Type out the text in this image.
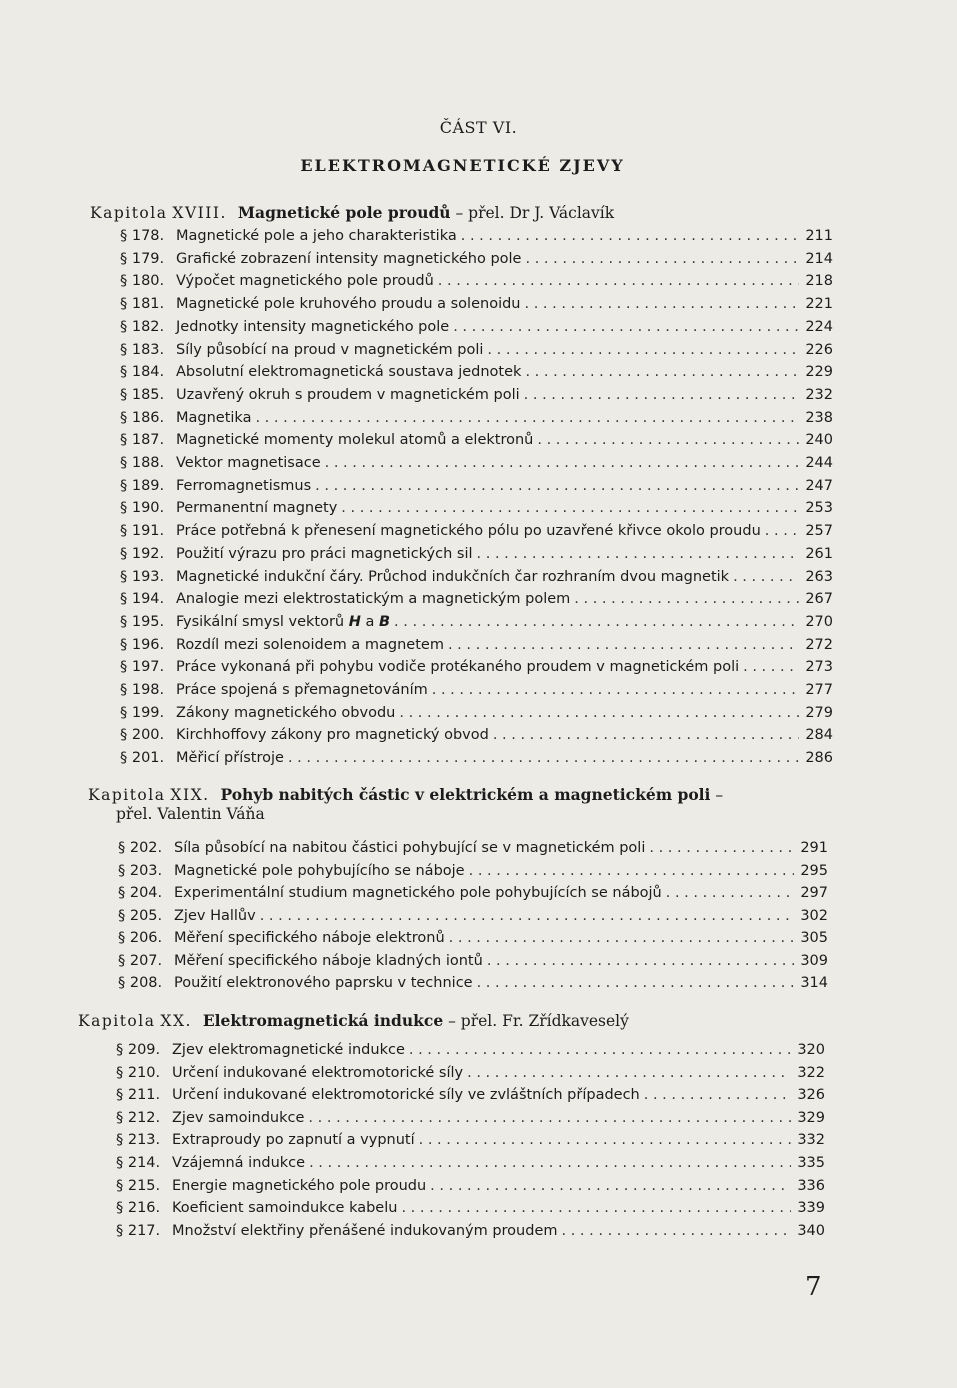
ČÁST VI.
ELEKTROMAGNETICKÉ ZJEVY
Kapitola XVIII. Magnetické pole proudů – přel. Dr J. Václavík
§ 178. Magnetické pole a jeho charakteristika . . .	211
§ 179. Grafické zobrazení intensity magnetického pole . . .	214
§ 180. Výpočet magnetického pole proudů . . .	218
§ 181. Magnetické pole kruhového proudu a solenoidu . . .	221
§ 182. Jednotky intensity magnetického pole . . .	224
§ 183. Síly působící na proud v magnetickém poli . . .	226
§ 184. Absolutní elektromagnetická soustava jednotek . . .	229
§ 185. Uzavřený okruh s proudem v magnetickém poli . . .	232
§ 186. Magnetika . . .	238
§ 187. Magnetické momenty molekul atomů a elektronů . . .	240
§ 188. Vektor magnetisace . . .	244
§ 189. Ferromagnetismus . . .	247
§ 190. Permanentní magnety . . .	253
§ 191. Práce potřebná k přenesení magnetického pólu po uzavřené křivce okolo proudu . . .	257
§ 192. Použití výrazu pro práci magnetických sil . . .	261
§ 193. Magnetické indukční čáry. Průchod indukčních čar rozhraním dvou magnetik . . .	263
§ 194. Analogie mezi elektrostatickým a magnetickým polem . . .	267
§ 195. Fysikální smysl vektorů H a B . . .	270
§ 196. Rozdíl mezi solenoidem a magnetem . . .	272
§ 197. Práce vykonaná při pohybu vodiče protékaného proudem v magnetickém poli . . .	273
§ 198. Práce spojená s přemagnetováním . . .	277
§ 199. Zákony magnetického obvodu . . .	279
§ 200. Kirchhoffovy zákony pro magnetický obvod . . .	284
§ 201. Měřicí přístroje . . .	286
Kapitola XIX. Pohyb nabitých částic v elektrickém a magnetickém poli –
přel. Valentin Váňa
§ 202. Síla působící na nabitou částici pohybující se v magnetickém poli . . .	291
§ 203. Magnetické pole pohybujícího se náboje . . .	295
§ 204. Experimentální studium magnetického pole pohybujících se nábojů . . .	297
§ 205. Zjev Hallův . . .	302
§ 206. Měření specifického náboje elektronů . . .	305
§ 207. Měření specifického náboje kladných iontů . . .	309
§ 208. Použití elektronového paprsku v technice . . .	314
Kapitola XX. Elektromagnetická indukce – přel. Fr. Zřídkaveselý
§ 209. Zjev elektromagnetické indukce . . .	320
§ 210. Určení indukované elektromotorické síly . . .	322
§ 211. Určení indukované elektromotorické síly ve zvláštních případech . . .	326
§ 212. Zjev samoindukce . . .	329
§ 213. Extraproudy po zapnutí a vypnutí . . .	332
§ 214. Vzájemná indukce . . .	335
§ 215. Energie magnetického pole proudu . . .	336
§ 216. Koeficient samoindukce kabelu . . .	339
§ 217. Množství elektřiny přenášené indukovaným proudem . . .	340
7
